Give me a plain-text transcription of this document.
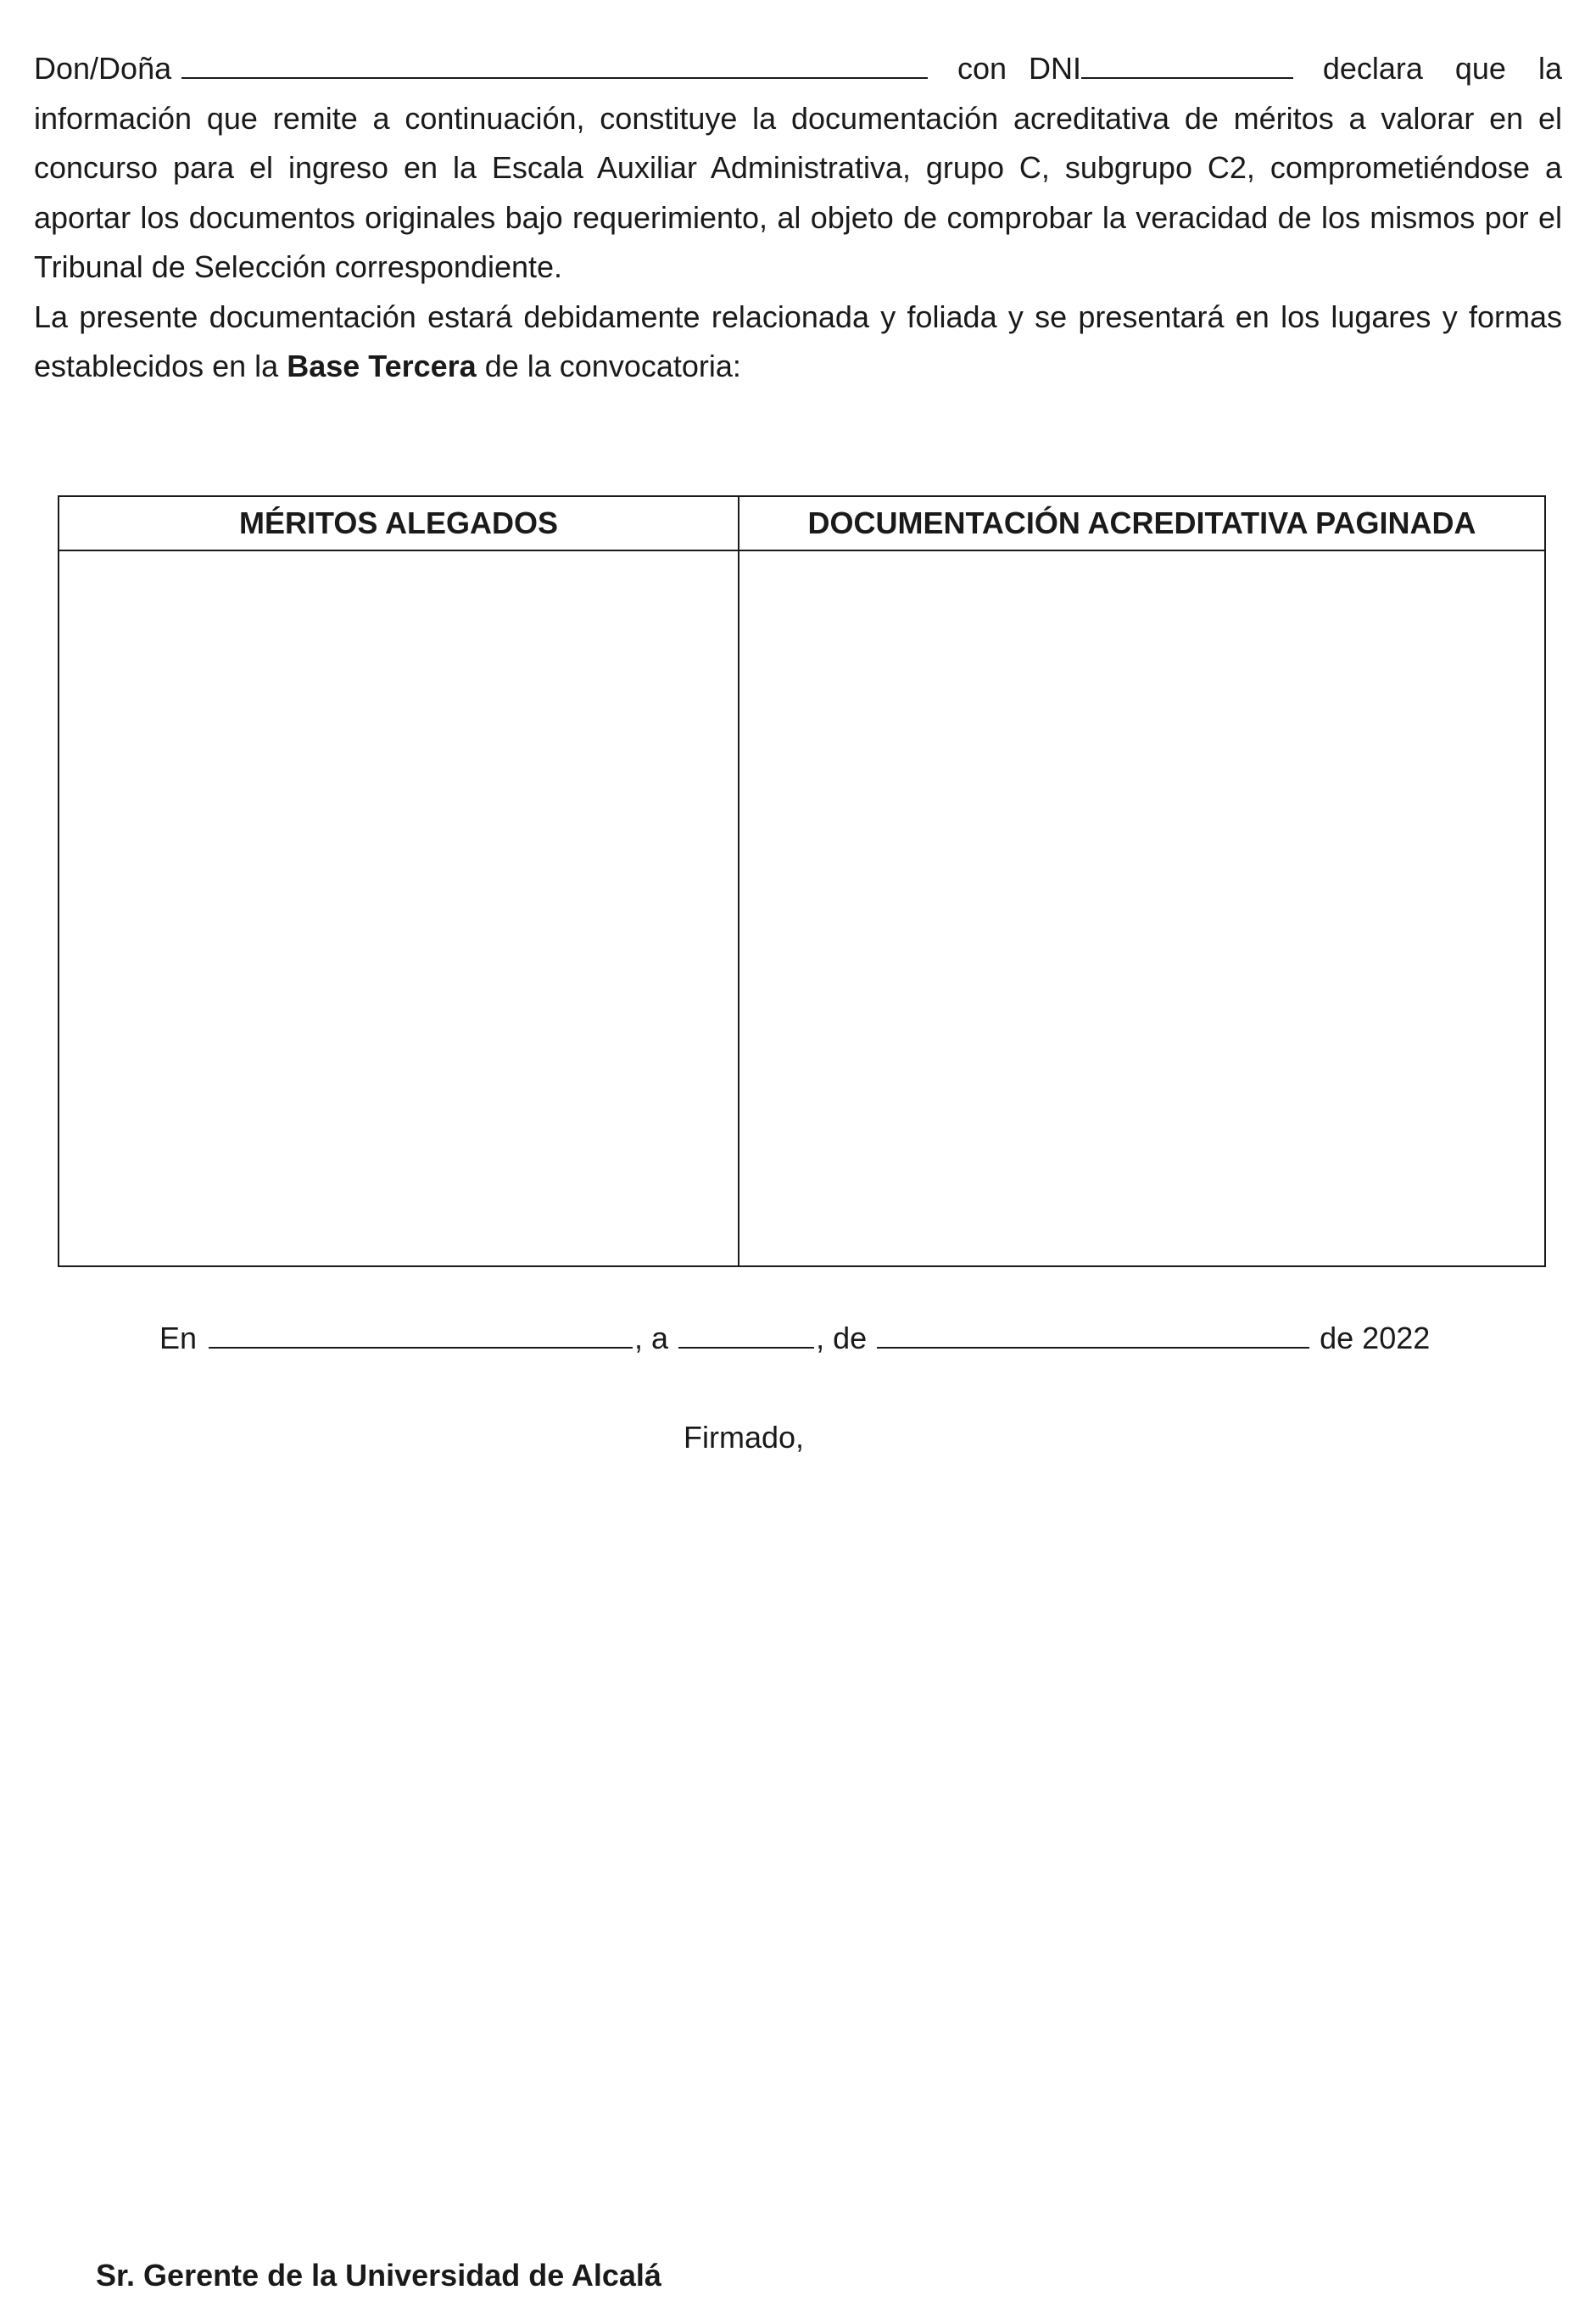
Don/Doña	con DNI	declara que la
información que remite a continuación, constituye la documentación acreditativa de méritos a valorar en el concurso para el ingreso en la Escala Auxiliar Administrativa, grupo C, subgrupo C2, comprometiéndose a aportar los documentos originales bajo requerimiento, al objeto de comprobar la veracidad de los mismos por el Tribunal de Selección correspondiente.
La presente documentación estará debidamente relacionada y foliada y se presentará en los lugares y formas establecidos en la Base Tercera de la convocatoria:
MÉRITOS ALEGADOS	DOCUMENTACIÓN ACREDITATIVA PAGINADA

En	, a	, de	de 2022
Firmado,
Sr. Gerente de la Universidad de Alcalá
